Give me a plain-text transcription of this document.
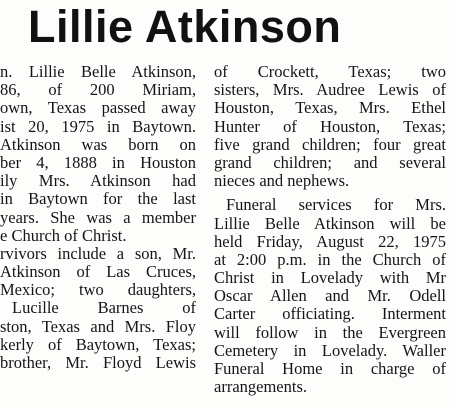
Lillie Atkinson
n. Lillie Belle Atkinson,
86, of 200 Miriam,
own, Texas passed away
ist 20, 1975 in Baytown.
Atkinson was born on
ber 4, 1888 in Houston
ily Mrs. Atkinson had
in Baytown for the last
years. She was a member
e Church of Christ.
rvivors include a son, Mr.
Atkinson of Las Cruces,
Mexico; two daughters,
Lucille Barnes of
ston, Texas and Mrs. Floy
kerly of Baytown, Texas;
brother, Mr. Floyd Lewis
of Crockett, Texas; two
sisters, Mrs. Audree Lewis of
Houston, Texas, Mrs. Ethel
Hunter of Houston, Texas;
five grand children; four great
grand children; and several
nieces and nephews.
Funeral services for Mrs.
Lillie Belle Atkinson will be
held Friday, August 22, 1975
at 2:00 p.m. in the Church of
Christ in Lovelady with Mr
Oscar Allen and Mr. Odell
Carter officiating. Interment
will follow in the Evergreen
Cemetery in Lovelady. Waller
Funeral Home in charge of
arrangements.
